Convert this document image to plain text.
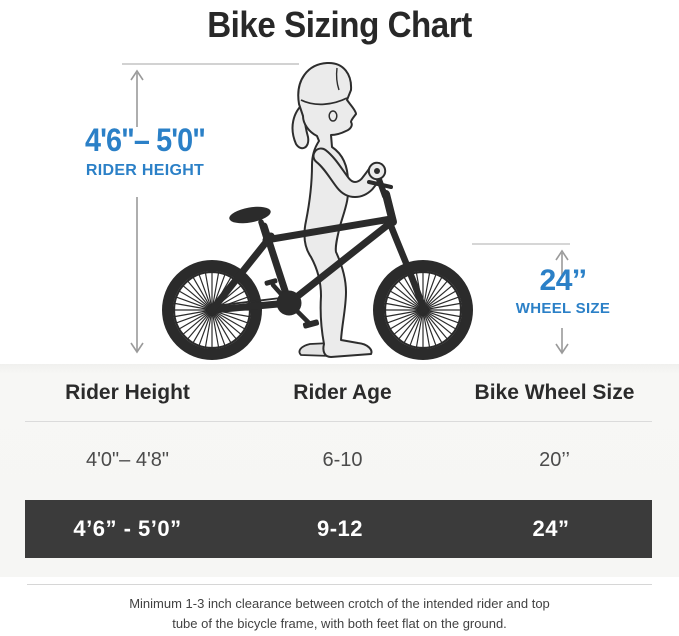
Bike Sizing Chart
4'6"– 5'0"
RIDER HEIGHT
24’’
WHEEL SIZE
Rider Height	Rider Age	Bike Wheel Size
4'0"– 4'8"	6-10	20’’
4’6” - 5’0”	9-12	24”
Minimum 1-3 inch clearance between crotch of the intended rider and top tube of the bicycle frame, with both feet flat on the ground.
